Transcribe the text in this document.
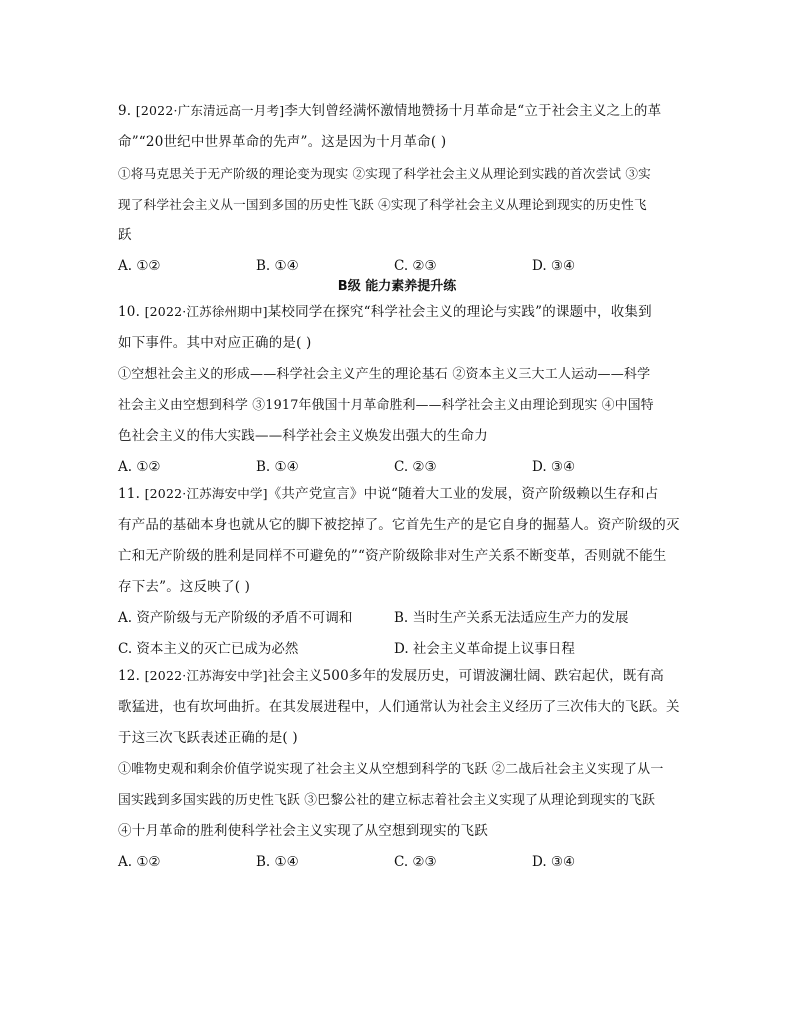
9. [2022·广东清远高一月考]李大钊曾经满怀激情地赞扬十月革命是“立于社会主义之上的革
命”“20世纪中世界革命的先声”。这是因为十月革命( )
①将马克思关于无产阶级的理论变为现实 ②实现了科学社会主义从理论到实践的首次尝试 ③实
现了科学社会主义从一国到多国的历史性飞跃 ④实现了科学社会主义从理论到现实的历史性飞
跃
A. ①②	B. ①④	C. ②③	D. ③④
B级 能力素养提升练
10. [2022·江苏徐州期中]某校同学在探究“科学社会主义的理论与实践”的课题中，收集到
如下事件。其中对应正确的是( )
①空想社会主义的形成——科学社会主义产生的理论基石 ②资本主义三大工人运动——科学
社会主义由空想到科学 ③1917年俄国十月革命胜利——科学社会主义由理论到现实 ④中国特
色社会主义的伟大实践——科学社会主义焕发出强大的生命力
A. ①②	B. ①④	C. ②③	D. ③④
11. [2022·江苏海安中学]《共产党宣言》中说“随着大工业的发展，资产阶级赖以生存和占
有产品的基础本身也就从它的脚下被挖掉了。它首先生产的是它自身的掘墓人。资产阶级的灭
亡和无产阶级的胜利是同样不可避免的”“资产阶级除非对生产关系不断变革，否则就不能生
存下去”。这反映了( )
A. 资产阶级与无产阶级的矛盾不可调和	B. 当时生产关系无法适应生产力的发展
C. 资本主义的灭亡已成为必然	D. 社会主义革命提上议事日程
12. [2022·江苏海安中学]社会主义500多年的发展历史，可谓波澜壮阔、跌宕起伏，既有高
歌猛进，也有坎坷曲折。在其发展进程中，人们通常认为社会主义经历了三次伟大的飞跃。关
于这三次飞跃表述正确的是( )
①唯物史观和剩余价值学说实现了社会主义从空想到科学的飞跃 ②二战后社会主义实现了从一
国实践到多国实践的历史性飞跃 ③巴黎公社的建立标志着社会主义实现了从理论到现实的飞跃
④十月革命的胜利使科学社会主义实现了从空想到现实的飞跃
A. ①②	B. ①④	C. ②③	D. ③④
